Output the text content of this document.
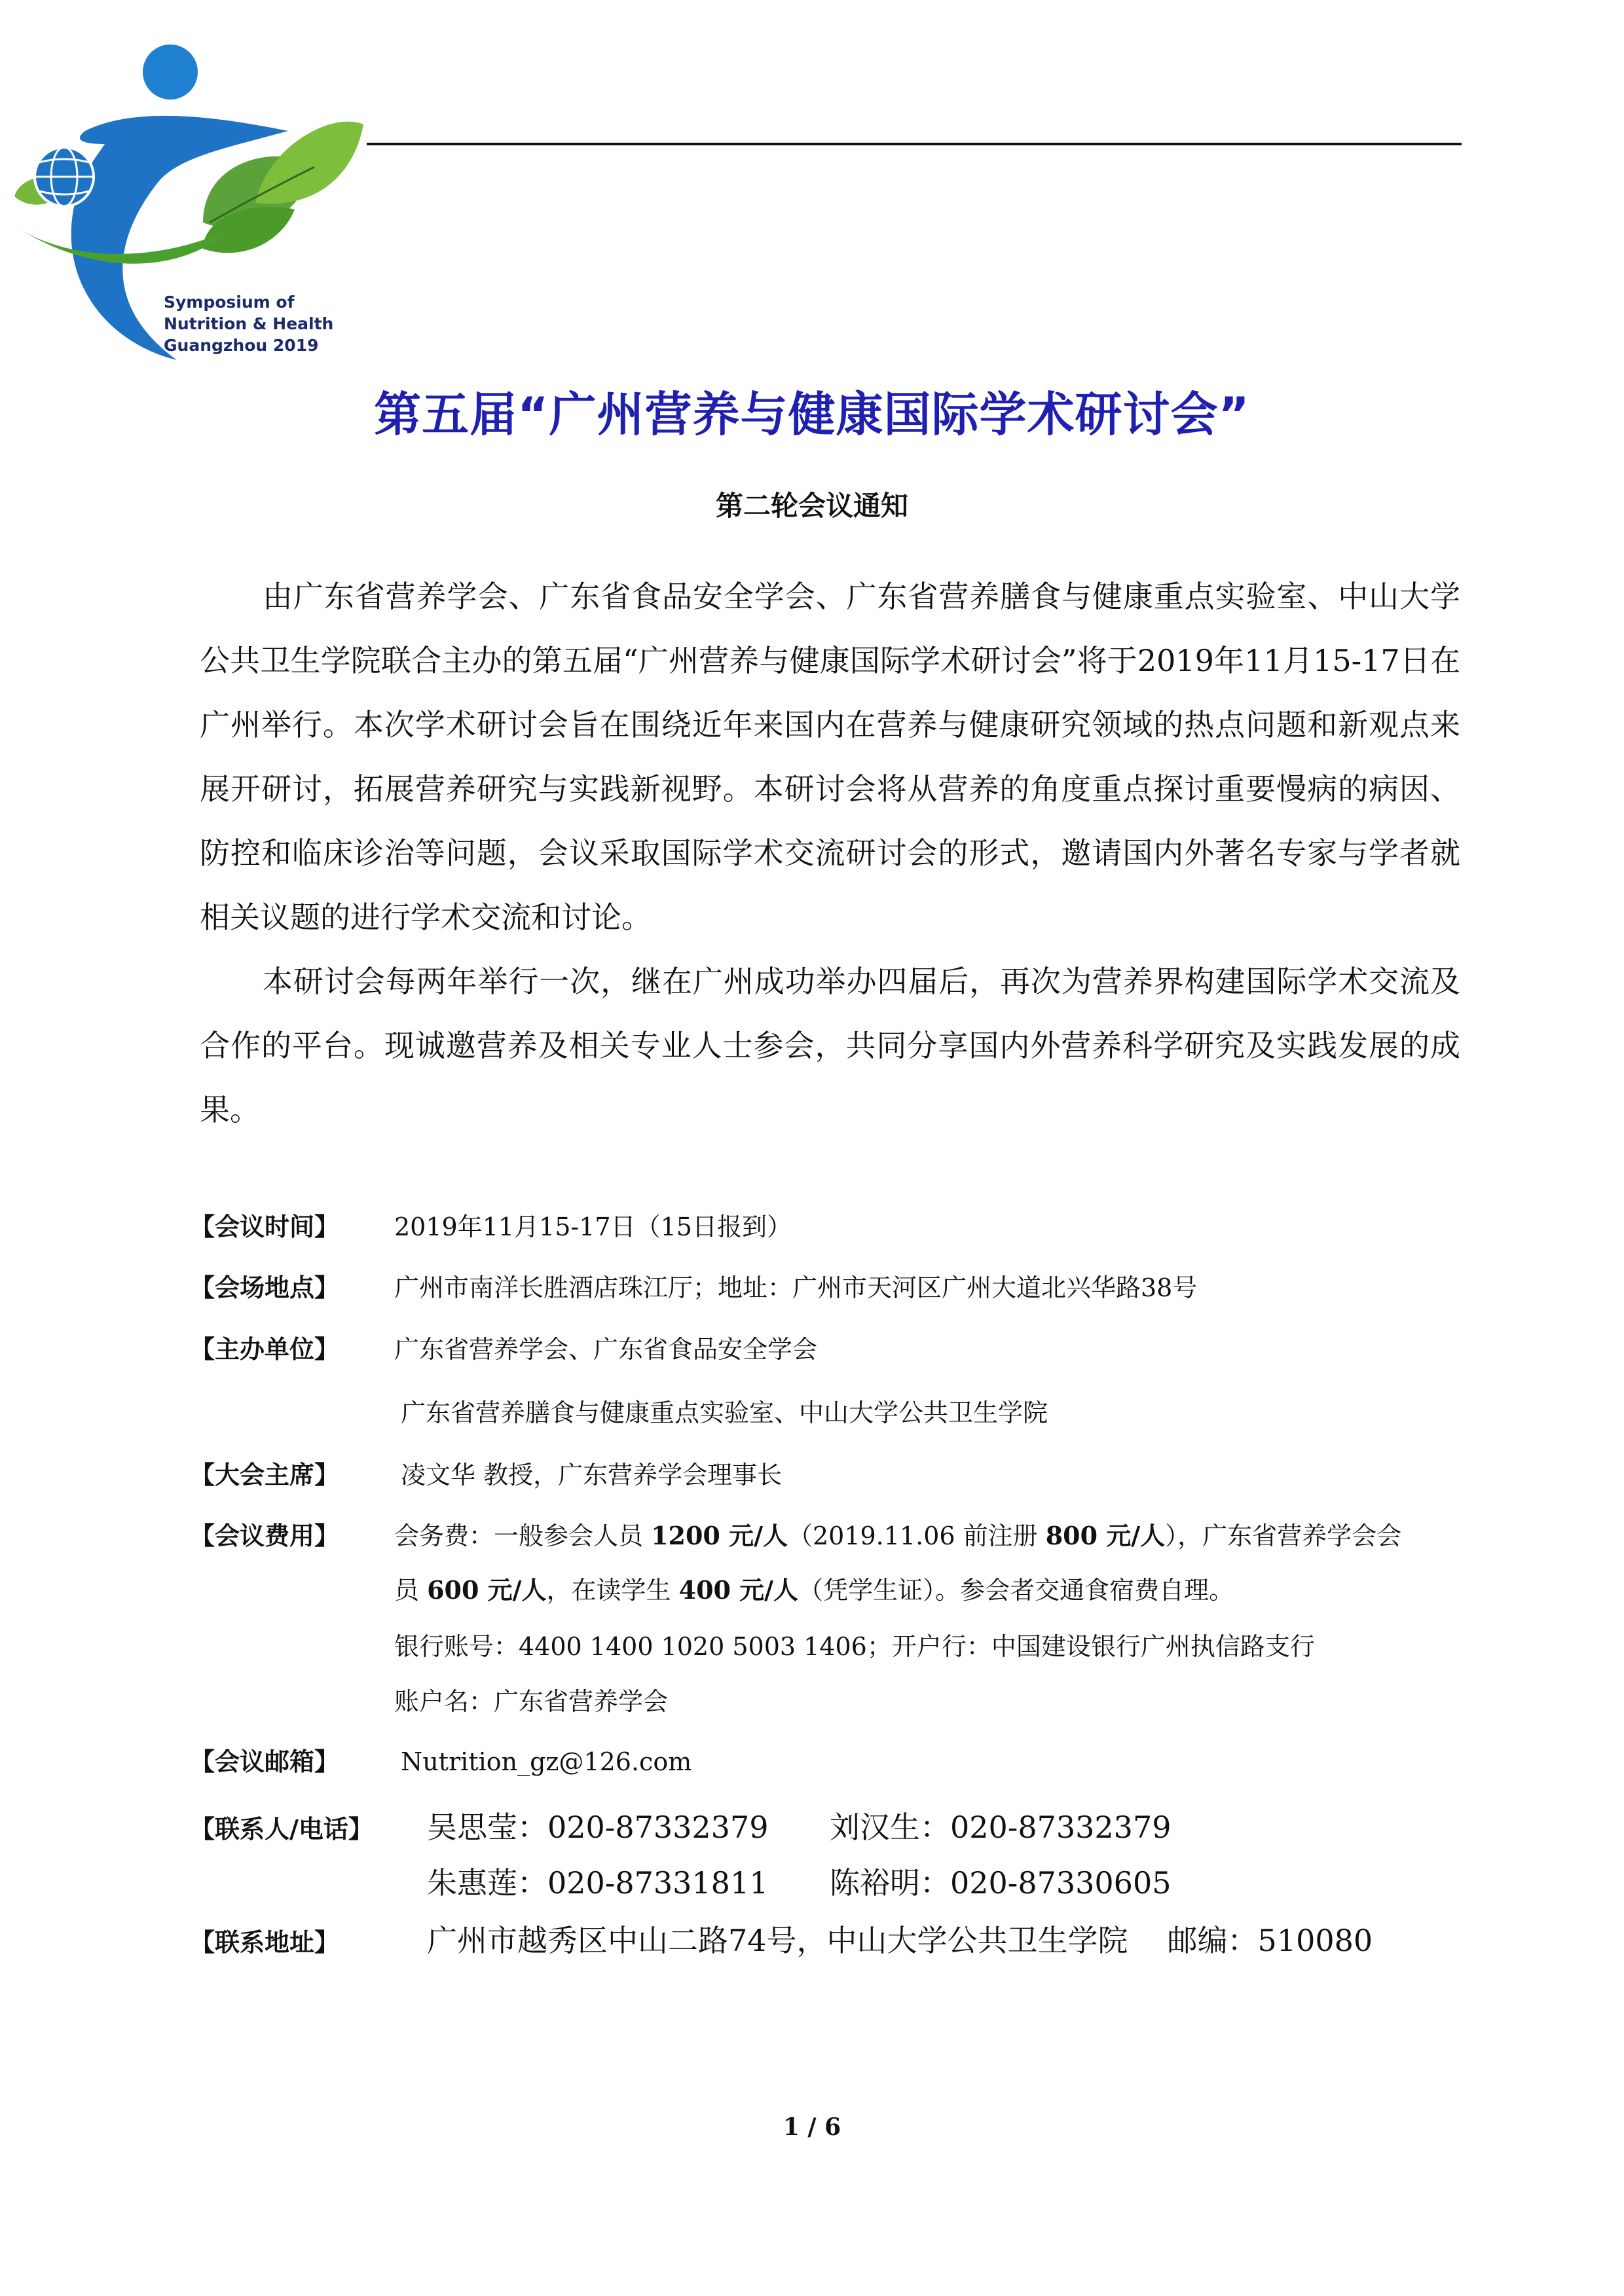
Symposium of
Nutrition & Health
Guangzhou 2019
第五届“广州营养与健康国际学术研讨会”
第二轮会议通知

由广东省营养学会、广东省食品安全学会、广东省营养膳食与健康重点实验室、中山大学公共卫生学院联合主办的第五届“广州营养与健康国际学术研讨会”将于2019年11月15-17日在广州举行。本次学术研讨会旨在围绕近年来国内在营养与健康研究领域的热点问题和新观点来展开研讨，拓展营养研究与实践新视野。本研讨会将从营养的角度重点探讨重要慢病的病因、防控和临床诊治等问题，会议采取国际学术交流研讨会的形式，邀请国内外著名专家与学者就相关议题的进行学术交流和讨论。

本研讨会每两年举行一次，继在广州成功举办四届后，再次为营养界构建国际学术交流及合作的平台。现诚邀营养及相关专业人士参会，共同分享国内外营养科学研究及实践发展的成果。

【会议时间】 2019年11月15-17日（15日报到）
【会场地点】 广州市南洋长胜酒店珠江厅；地址：广州市天河区广州大道北兴华路38号
【主办单位】 广东省营养学会、广东省食品安全学会
广东省营养膳食与健康重点实验室、中山大学公共卫生学院
【大会主席】 凌文华 教授，广东营养学会理事长
【会议费用】 会务费：一般参会人员 1200 元/人（2019.11.06 前注册 800 元/人），广东省营养学会会
员 600 元/人，在读学生 400 元/人（凭学生证）。参会者交通食宿费自理。
银行账号：4400 1400 1020 5003 1406；开户行：中国建设银行广州执信路支行
账户名：广东省营养学会
【会议邮箱】 Nutrition_gz@126.com
【联系人/电话】 吴思莹：020-87332379 刘汉生：020-87332379
朱惠莲：020-87331811 陈裕明：020-87330605
【联系地址】	广州市越秀区中山二路74号，中山大学公共卫生学院 邮编：510080
1 / 6
